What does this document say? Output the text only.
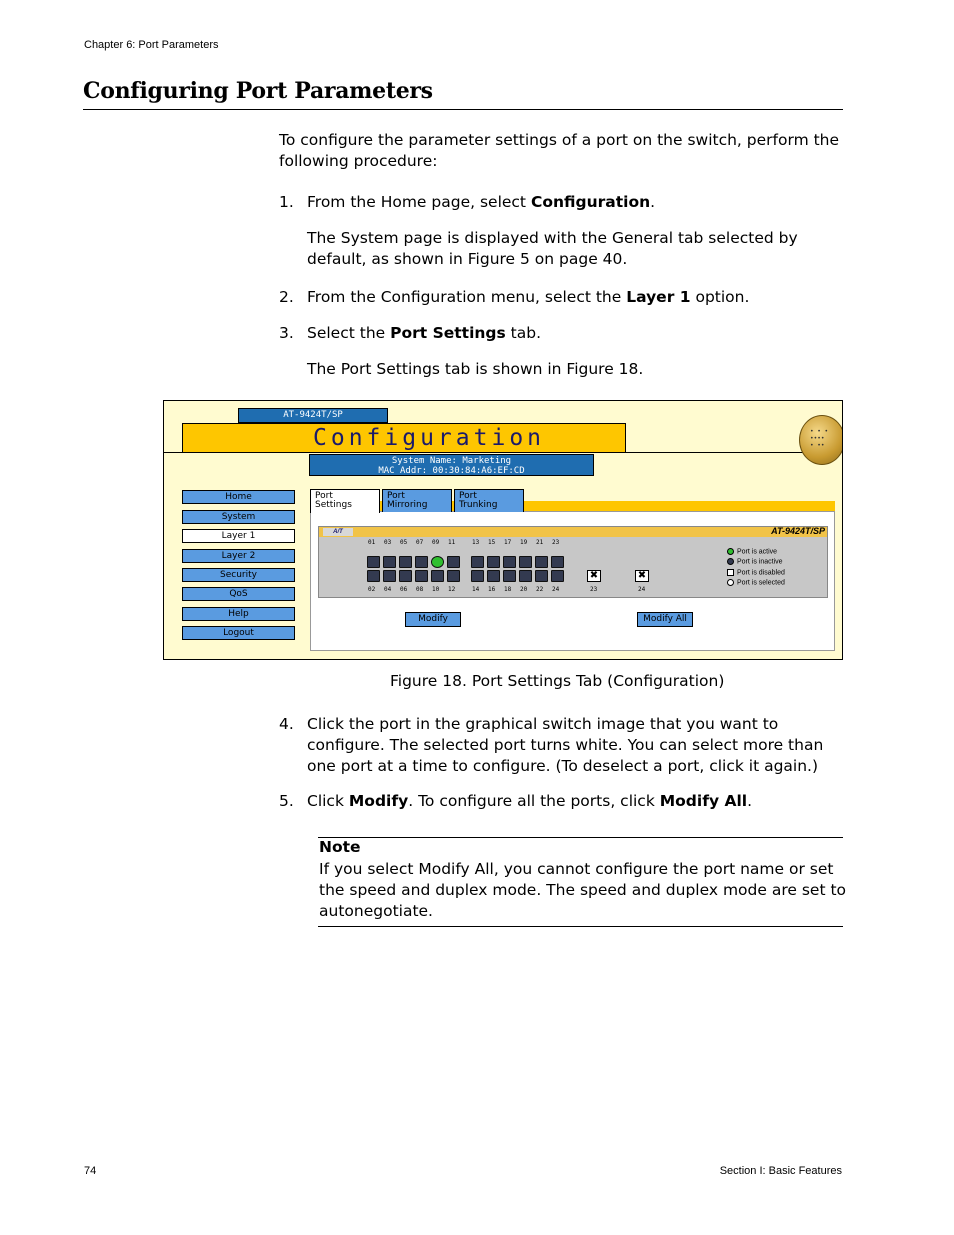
Chapter 6: Port Parameters
Configuring Port Parameters

To configure the parameter settings of a port on the switch, perform the following procedure:

1. From the Home page, select Configuration.
The System page is displayed with the General tab selected by default, as shown in Figure 5 on page 40.
2. From the Configuration menu, select the Layer 1 option.
3. Select the Port Settings tab.
The Port Settings tab is shown in Figure 18.
AT-9424T/SP
Configuration
System Name: Marketing
MAC Addr: 00:30:84:A6:EF:CD
• • •
••••
• ••
Home
System
Layer 1
Layer 2
Security
QoS
Help
Logout
Port
Settings
Port
Mirroring
Port
Trunking
A/T	AT-9424T/SP
01 03 05 07 09 11	13 15 17 19 21 23
02 04 06 08 10 12	14 16 18 20 22 24
✖
23
✖
24
Port is active
Port is inactive
Port is disabled
Port is selected
Modify	Modify All
Figure 18. Port Settings Tab (Configuration)
4. Click the port in the graphical switch image that you want to configure. The selected port turns white. You can select more than one port at a time to configure. (To deselect a port, click it again.)
5. Click Modify. To configure all the ports, click Modify All.
Note
If you select Modify All, you cannot configure the port name or set the speed and duplex mode. The speed and duplex mode are set to autonegotiate.
74	Section I: Basic Features
